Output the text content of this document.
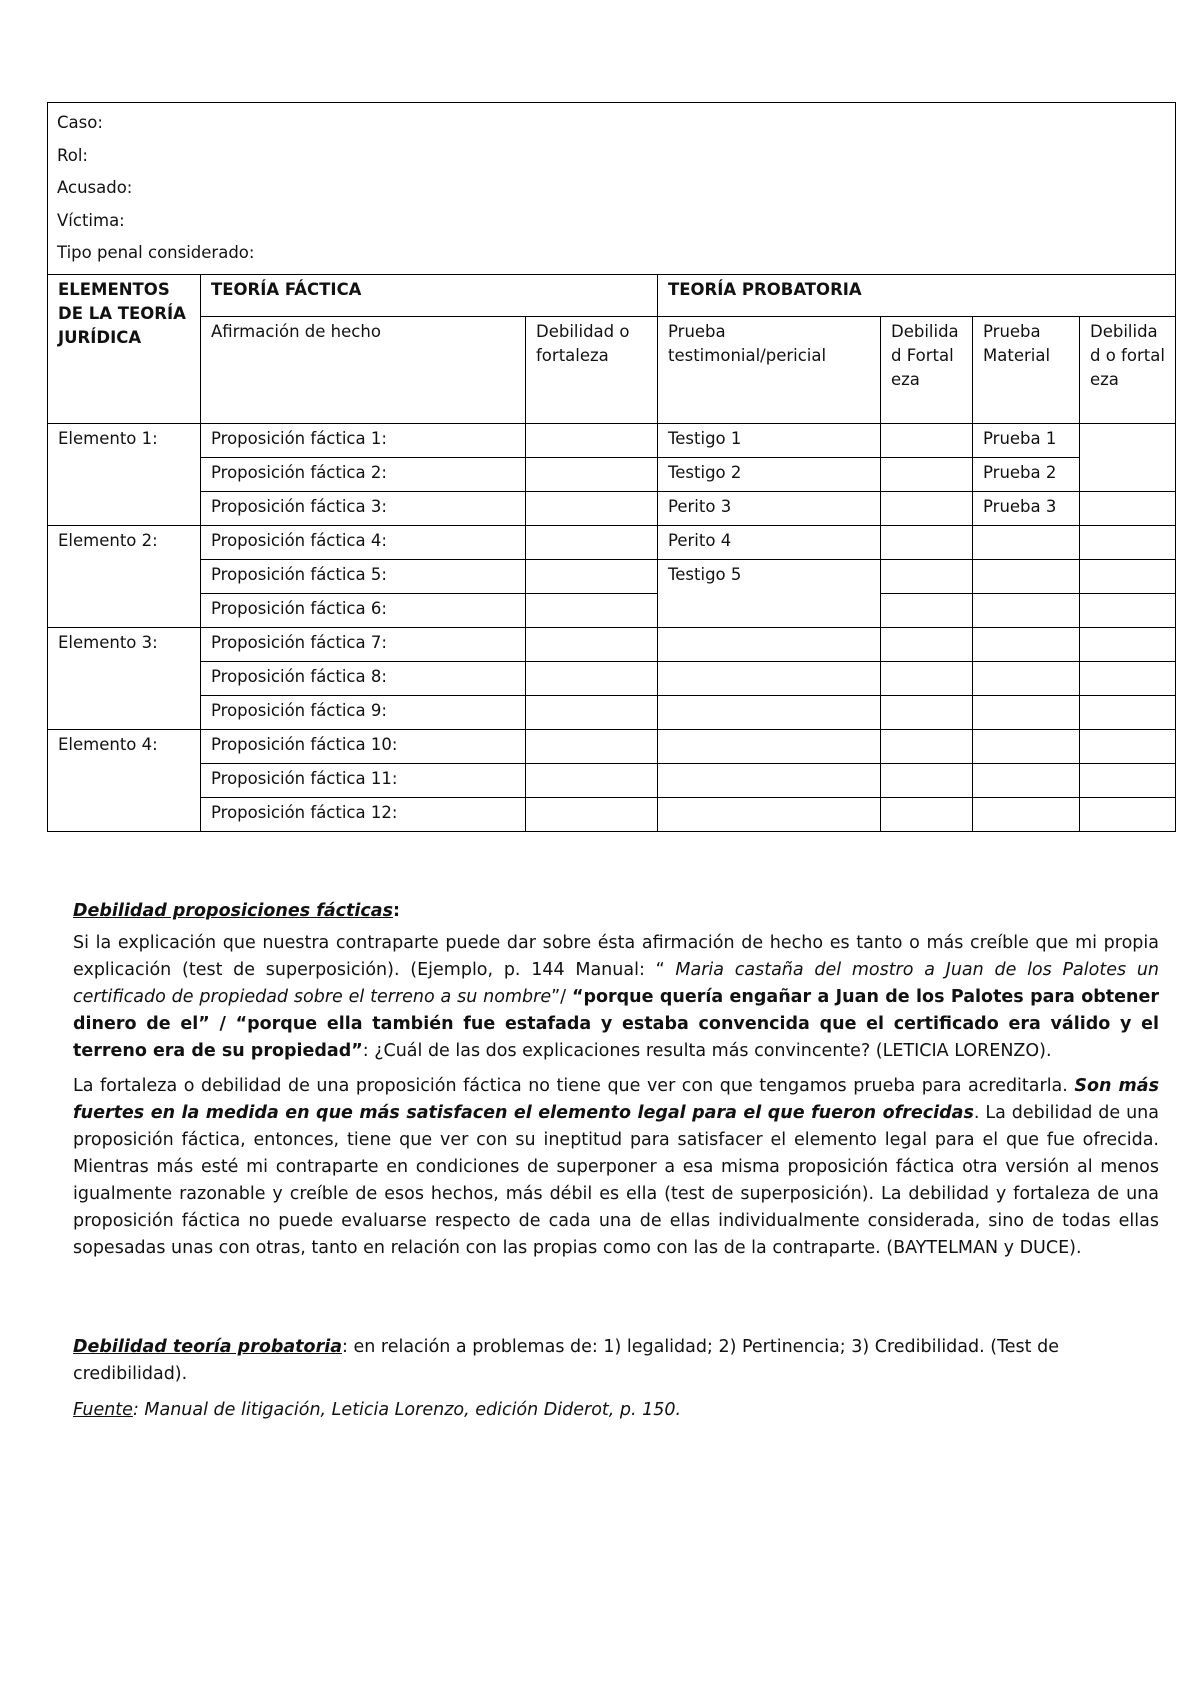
Caso:
Rol:
Acusado:
Víctima:
Tipo penal considerado:						

ELEMENTOS DE LA TEORÍA JURÍDICA	TEORÍA FÁCTICA		TEORÍA PROBATORIA			
	Afirmación de hecho	Debilidad o fortaleza	Prueba testimonial/pericial	Debilidad Fortaleza	Prueba Material	Debilidad o fortaleza
Elemento 1:	Proposición fáctica 1:		Testigo 1		Prueba 1	
	Proposición fáctica 2:		Testigo 2		Prueba 2	
	Proposición fáctica 3:		Perito 3		Prueba 3	
Elemento 2:	Proposición fáctica 4:		Perito 4			
	Proposición fáctica 5:		Testigo 5			
	Proposición fáctica 6:					
Elemento 3:	Proposición fáctica 7:					
	Proposición fáctica 8:					
	Proposición fáctica 9:					
Elemento 4:	Proposición fáctica 10:					
	Proposición fáctica 11:					
	Proposición fáctica 12:					
Debilidad proposiciones fácticas:

Si la explicación que nuestra contraparte puede dar sobre ésta afirmación de hecho es tanto o más creíble que mi propia explicación (test de superposición). (Ejemplo, p. 144 Manual: “ Maria castaña del mostro a Juan de los Palotes un certificado de propiedad sobre el terreno a su nombre”/ “porque quería engañar a Juan de los Palotes para obtener dinero de el” / “porque ella también fue estafada y estaba convencida que el certificado era válido y el terreno era de su propiedad”: ¿Cuál de las dos explicaciones resulta más convincente? (LETICIA LORENZO).

La fortaleza o debilidad de una proposición fáctica no tiene que ver con que tengamos prueba para acreditarla. Son más fuertes en la medida en que más satisfacen el elemento legal para el que fueron ofrecidas. La debilidad de una proposición fáctica, entonces, tiene que ver con su ineptitud para satisfacer el elemento legal para el que fue ofrecida. Mientras más esté mi contraparte en condiciones de superponer a esa misma proposición fáctica otra versión al menos igualmente razonable y creíble de esos hechos, más débil es ella (test de superposición). La debilidad y fortaleza de una proposición fáctica no puede evaluarse respecto de cada una de ellas individualmente considerada, sino de todas ellas sopesadas unas con otras, tanto en relación con las propias como con las de la contraparte. (BAYTELMAN y DUCE).

Debilidad teoría probatoria: en relación a problemas de: 1) legalidad; 2) Pertinencia; 3) Credibilidad. (Test de credibilidad).

Fuente: Manual de litigación, Leticia Lorenzo, edición Diderot, p. 150.
